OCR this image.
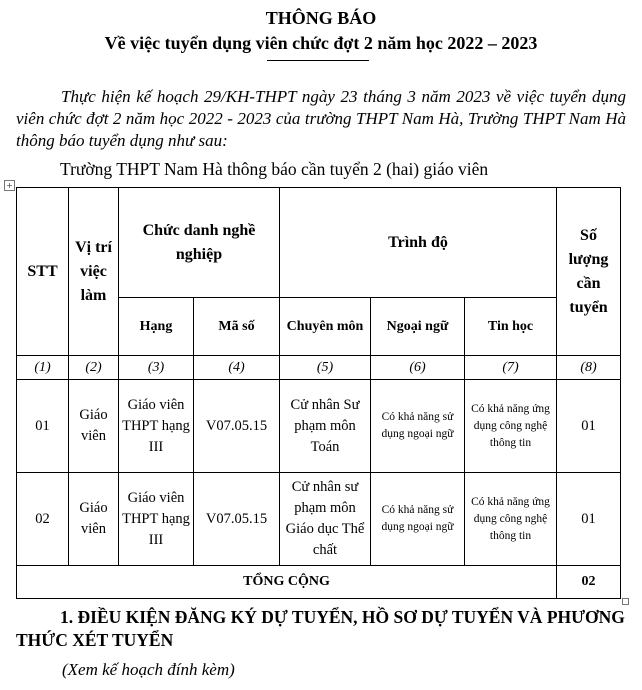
THÔNG BÁO
Về việc tuyển dụng viên chức đợt 2 năm học 2022 – 2023
Thực hiện kế hoạch 29/KH-THPT ngày 23 tháng 3 năm 2023 về việc tuyển dụng viên chức đợt 2 năm học 2022 - 2023 của trường THPT Nam Hà, Trường THPT Nam Hà thông báo tuyển dụng như sau:
Trường THPT Nam Hà thông báo cần tuyển 2 (hai) giáo viên
+
STT	Vị trí việc làm	Chức danh nghề nghiệp		Trình độ			Số lượng cần tuyển
		Hạng	Mã số	Chuyên môn	Ngoại ngữ	Tin học	
(1)	(2)	(3)	(4)	(5)	(6)	(7)	(8)
01	Giáo viên	Giáo viên THPT hạng III	V07.05.15	Cử nhân Sư phạm môn Toán	Có khả năng sử dụng ngoại ngữ	Có khả năng ứng dụng công nghệ thông tin	01
02	Giáo viên	Giáo viên THPT hạng III	V07.05.15	Cử nhân sư phạm môn Giáo dục Thể chất	Có khả năng sử dụng ngoại ngữ	Có khả năng ứng dụng công nghệ thông tin	01
TỔNG CỘNG							02
1. ĐIỀU KIỆN ĐĂNG KÝ DỰ TUYỂN, HỒ SƠ DỰ TUYỂN VÀ PHƯƠNG THỨC XÉT TUYỂN
(Xem kế hoạch đính kèm)
